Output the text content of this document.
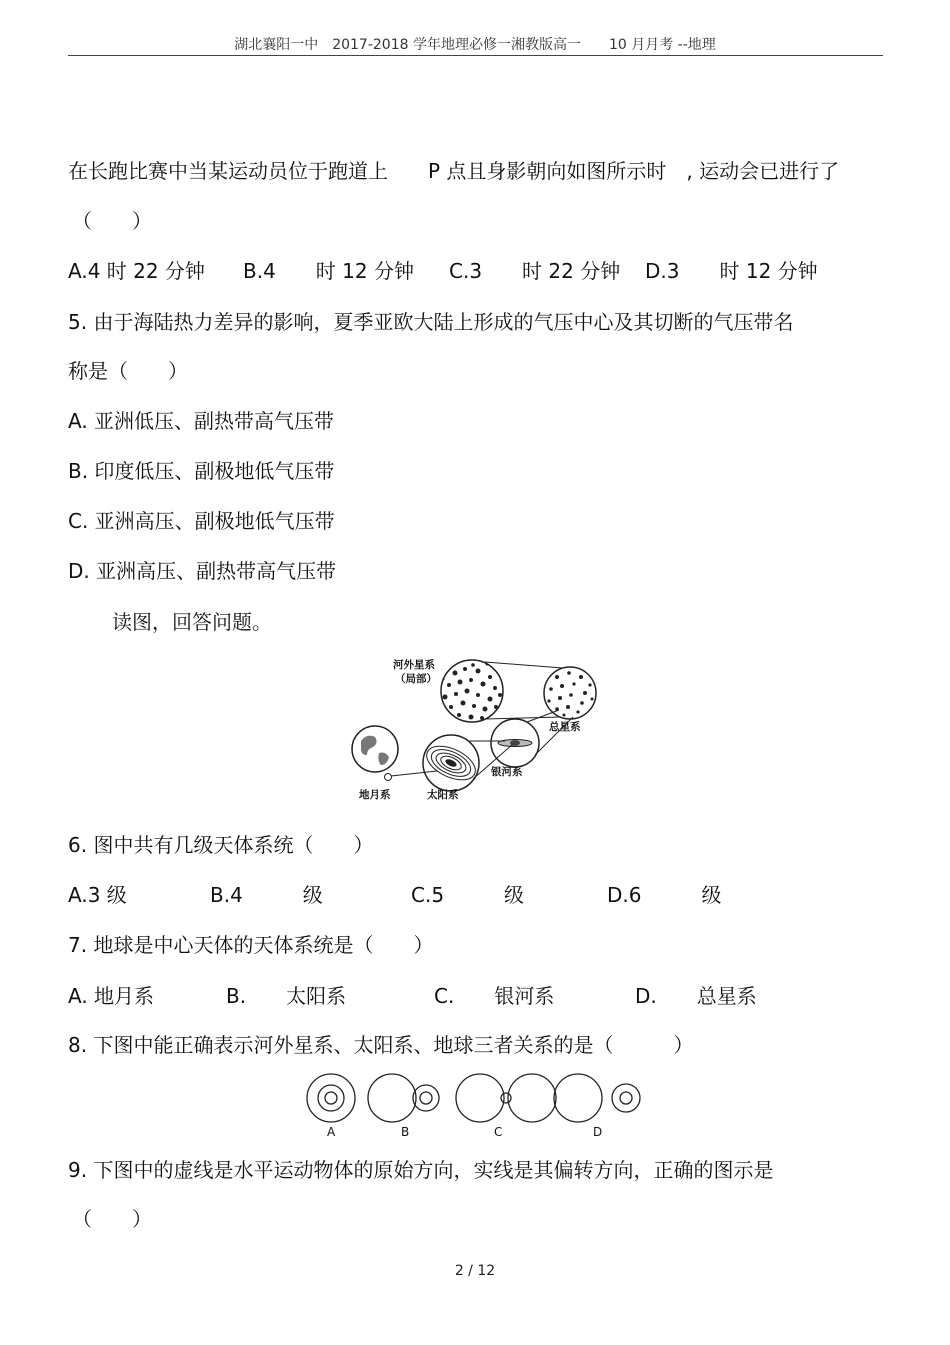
湖北襄阳一中　2017-2018 学年地理必修一湘教版高一　　10 月月考 --地理
在长跑比赛中当某运动员位于跑道上　　P 点且身影朝向如图所示时　, 运动会已进行了
（　　）
A.4 时 22 分钟 B.4　　时 12 分钟 C.3　　时 22 分钟 D.3　　时 12 分钟
5. 由于海陆热力差异的影响，夏季亚欧大陆上形成的气压中心及其切断的气压带名
称是（　　）
A. 亚洲低压、副热带高气压带
B. 印度低压、副极地低气压带
C. 亚洲高压、副极地低气压带
D. 亚洲高压、副热带高气压带
读图，回答问题。
河外星系
（局部）
总星系
银河系
太阳系
地月系
6. 图中共有几级天体系统（　　）
A.3 级	B.4　　　级	C.5　　　级	D.6　　　级
7. 地球是中心天体的天体系统是（　　）
A. 地月系	B.　　太阳系	C.　　银河系	D.　　总星系
8. 下图中能正确表示河外星系、太阳系、地球三者关系的是（　　　）
A	B	C	D
9. 下图中的虚线是水平运动物体的原始方向，实线是其偏转方向，正确的图示是
（　　）
2 / 12
